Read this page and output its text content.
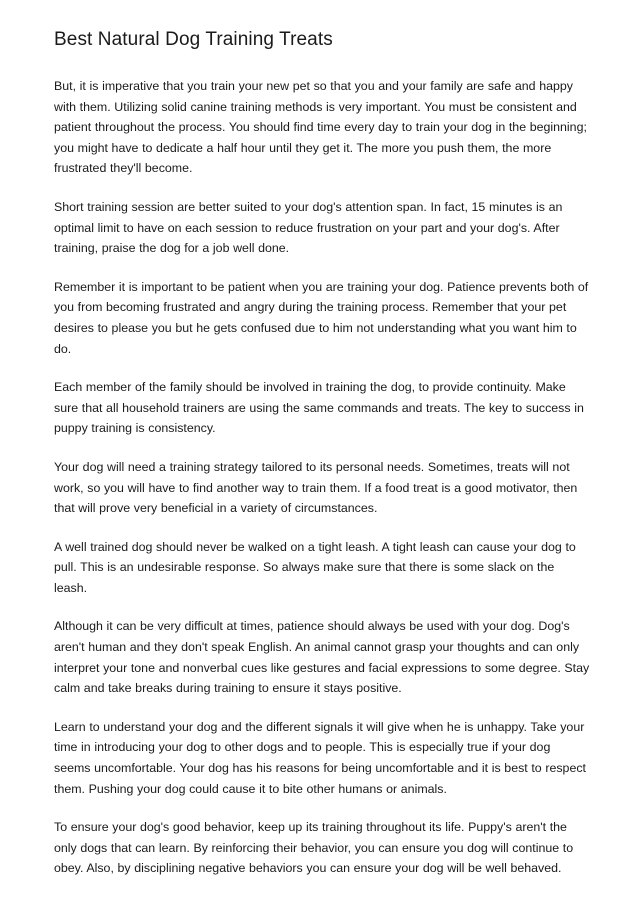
Best Natural Dog Training Treats

But, it is imperative that you train your new pet so that you and your family are safe and happy with them. Utilizing solid canine training methods is very important. You must be consistent and patient throughout the process. You should find time every day to train your dog in the beginning; you might have to dedicate a half hour until they get it. The more you push them, the more frustrated they'll become.

Short training session are better suited to your dog's attention span. In fact, 15 minutes is an optimal limit to have on each session to reduce frustration on your part and your dog's. After training, praise the dog for a job well done.

Remember it is important to be patient when you are training your dog. Patience prevents both of you from becoming frustrated and angry during the training process. Remember that your pet desires to please you but he gets confused due to him not understanding what you want him to do.

Each member of the family should be involved in training the dog, to provide continuity. Make sure that all household trainers are using the same commands and treats. The key to success in puppy training is consistency.

Your dog will need a training strategy tailored to its personal needs. Sometimes, treats will not work, so you will have to find another way to train them. If a food treat is a good motivator, then that will prove very beneficial in a variety of circumstances.

A well trained dog should never be walked on a tight leash. A tight leash can cause your dog to pull. This is an undesirable response. So always make sure that there is some slack on the leash.

Although it can be very difficult at times, patience should always be used with your dog. Dog's aren't human and they don't speak English. An animal cannot grasp your thoughts and can only interpret your tone and nonverbal cues like gestures and facial expressions to some degree. Stay calm and take breaks during training to ensure it stays positive.

Learn to understand your dog and the different signals it will give when he is unhappy. Take your time in introducing your dog to other dogs and to people. This is especially true if your dog seems uncomfortable. Your dog has his reasons for being uncomfortable and it is best to respect them. Pushing your dog could cause it to bite other humans or animals.

To ensure your dog's good behavior, keep up its training throughout its life. Puppy's aren't the only dogs that can learn. By reinforcing their behavior, you can ensure you dog will continue to obey. Also, by disciplining negative behaviors you can ensure your dog will be well behaved.
